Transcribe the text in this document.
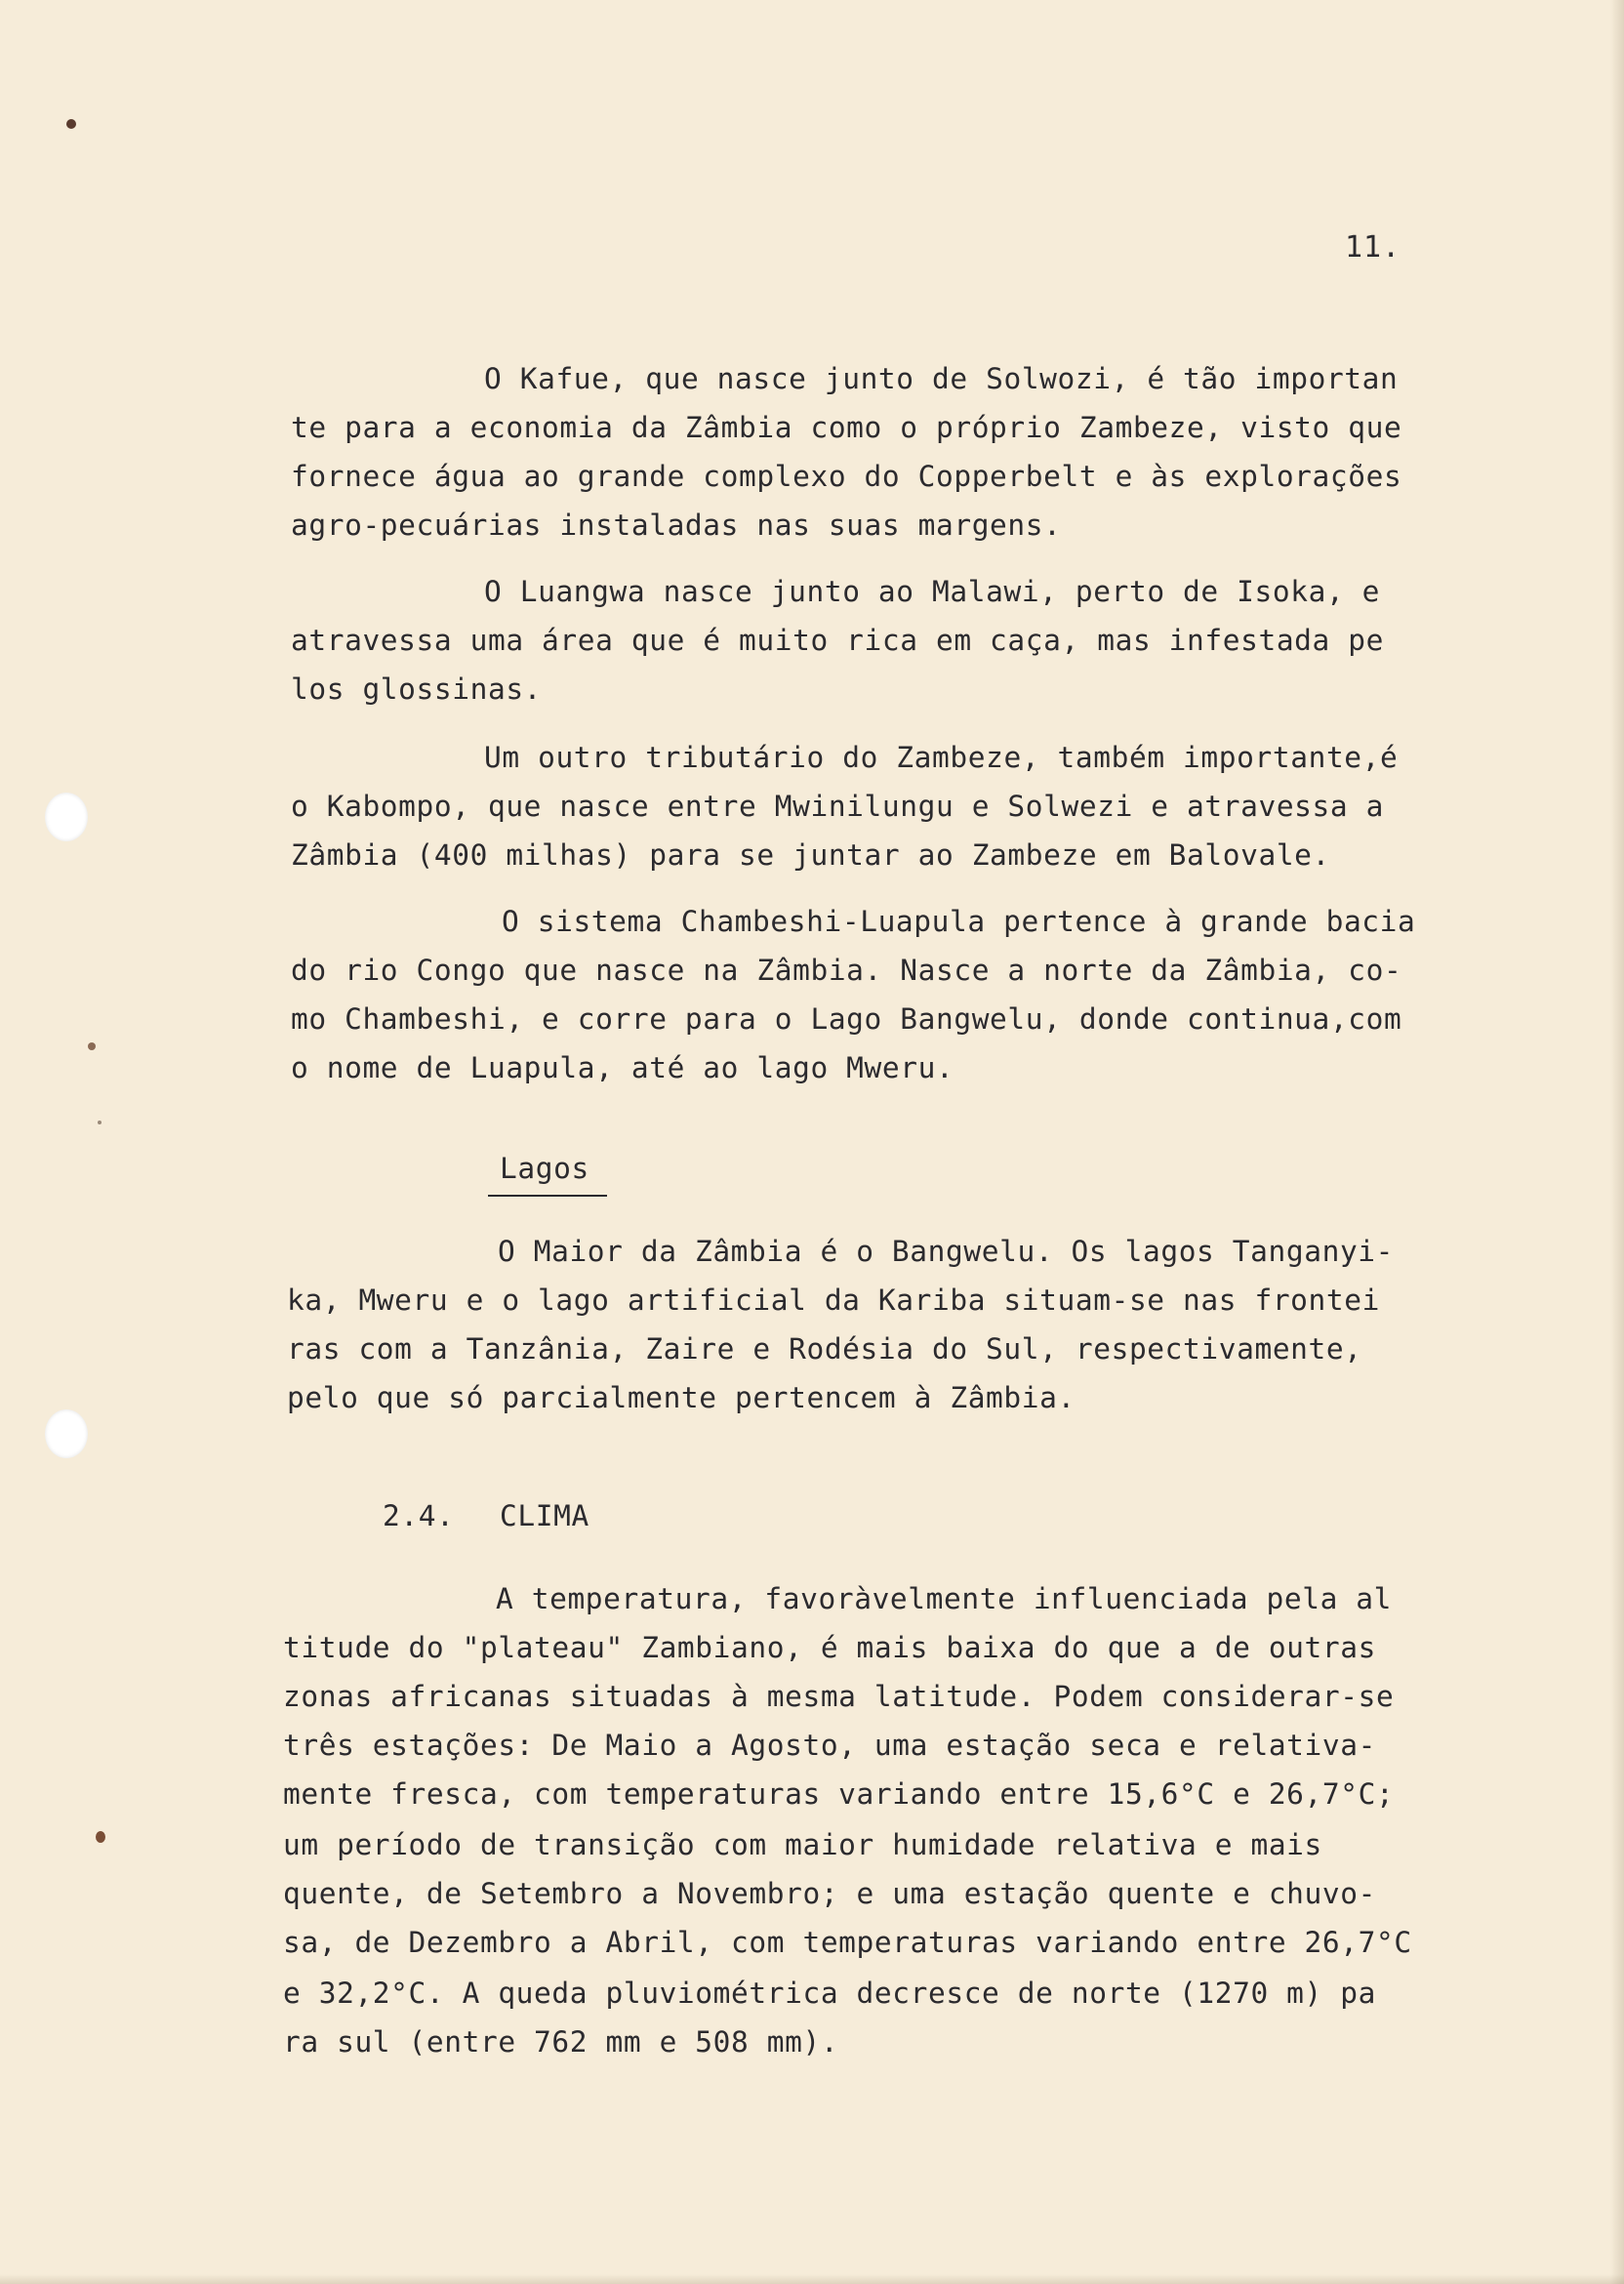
11.
O Kafue, que nasce junto de Solwozi, é tão importan
te para a economia da Zâmbia como o próprio Zambeze, visto que
fornece água ao grande complexo do Copperbelt e às explorações
agro-pecuárias instaladas nas suas margens.
O Luangwa nasce junto ao Malawi, perto de Isoka, e
atravessa uma área que é muito rica em caça, mas infestada pe
los glossinas.
Um outro tributário do Zambeze, também importante,é
o Kabompo, que nasce entre Mwinilungu e Solwezi e atravessa a
Zâmbia (400 milhas) para se juntar ao Zambeze em Balovale.
O sistema Chambeshi-Luapula pertence à grande bacia
do rio Congo que nasce na Zâmbia. Nasce a norte da Zâmbia, co-
mo Chambeshi, e corre para o Lago Bangwelu, donde continua,com
o nome de Luapula, até ao lago Mweru.
Lagos
O Maior da Zâmbia é o Bangwelu. Os lagos Tanganyi-
ka, Mweru e o lago artificial da Kariba situam-se nas frontei
ras com a Tanzânia, Zaire e Rodésia do Sul, respectivamente,
pelo que só parcialmente pertencem à Zâmbia.
2.4. CLIMA
A temperatura, favoràvelmente influenciada pela al
titude do "plateau" Zambiano, é mais baixa do que a de outras
zonas africanas situadas à mesma latitude. Podem considerar-se
três estações: De Maio a Agosto, uma estação seca e relativa-
mente fresca, com temperaturas variando entre 15,6°C e 26,7°C;
um período de transição com maior humidade relativa e mais
quente, de Setembro a Novembro; e uma estação quente e chuvo-
sa, de Dezembro a Abril, com temperaturas variando entre 26,7°C
e 32,2°C. A queda pluviométrica decresce de norte (1270 m) pa
ra sul (entre 762 mm e 508 mm).
